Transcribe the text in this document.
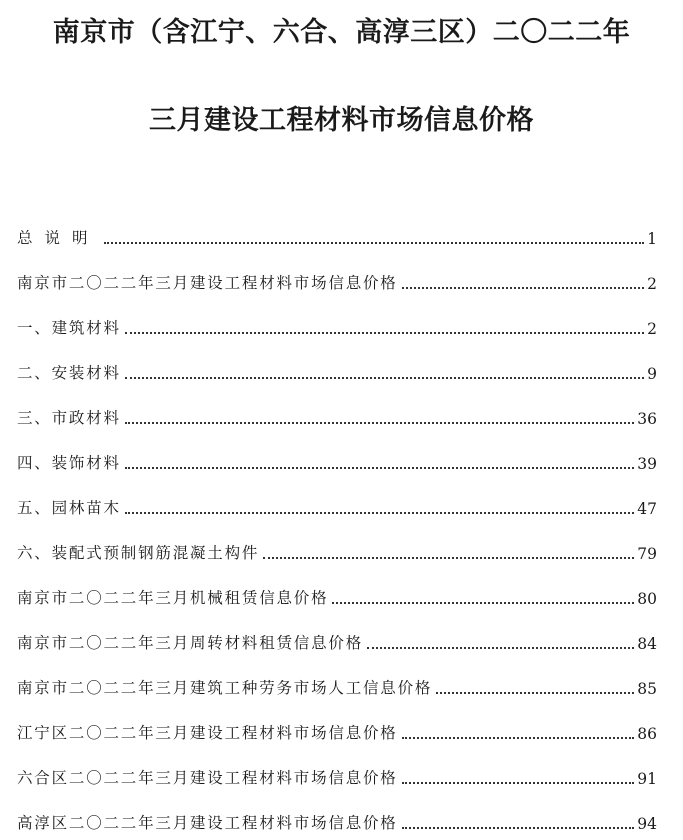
南京市（含江宁、六合、高淳三区）二〇二二年
三月建设工程材料市场信息价格
总说明	1
南京市二〇二二年三月建设工程材料市场信息价格	2
一、建筑材料	2
二、安装材料	9
三、市政材料	36
四、装饰材料	39
五、园林苗木	47
六、装配式预制钢筋混凝土构件	79
南京市二〇二二年三月机械租赁信息价格	80
南京市二〇二二年三月周转材料租赁信息价格	84
南京市二〇二二年三月建筑工种劳务市场人工信息价格	85
江宁区二〇二二年三月建设工程材料市场信息价格	86
六合区二〇二二年三月建设工程材料市场信息价格	91
高淳区二〇二二年三月建设工程材料市场信息价格	94
